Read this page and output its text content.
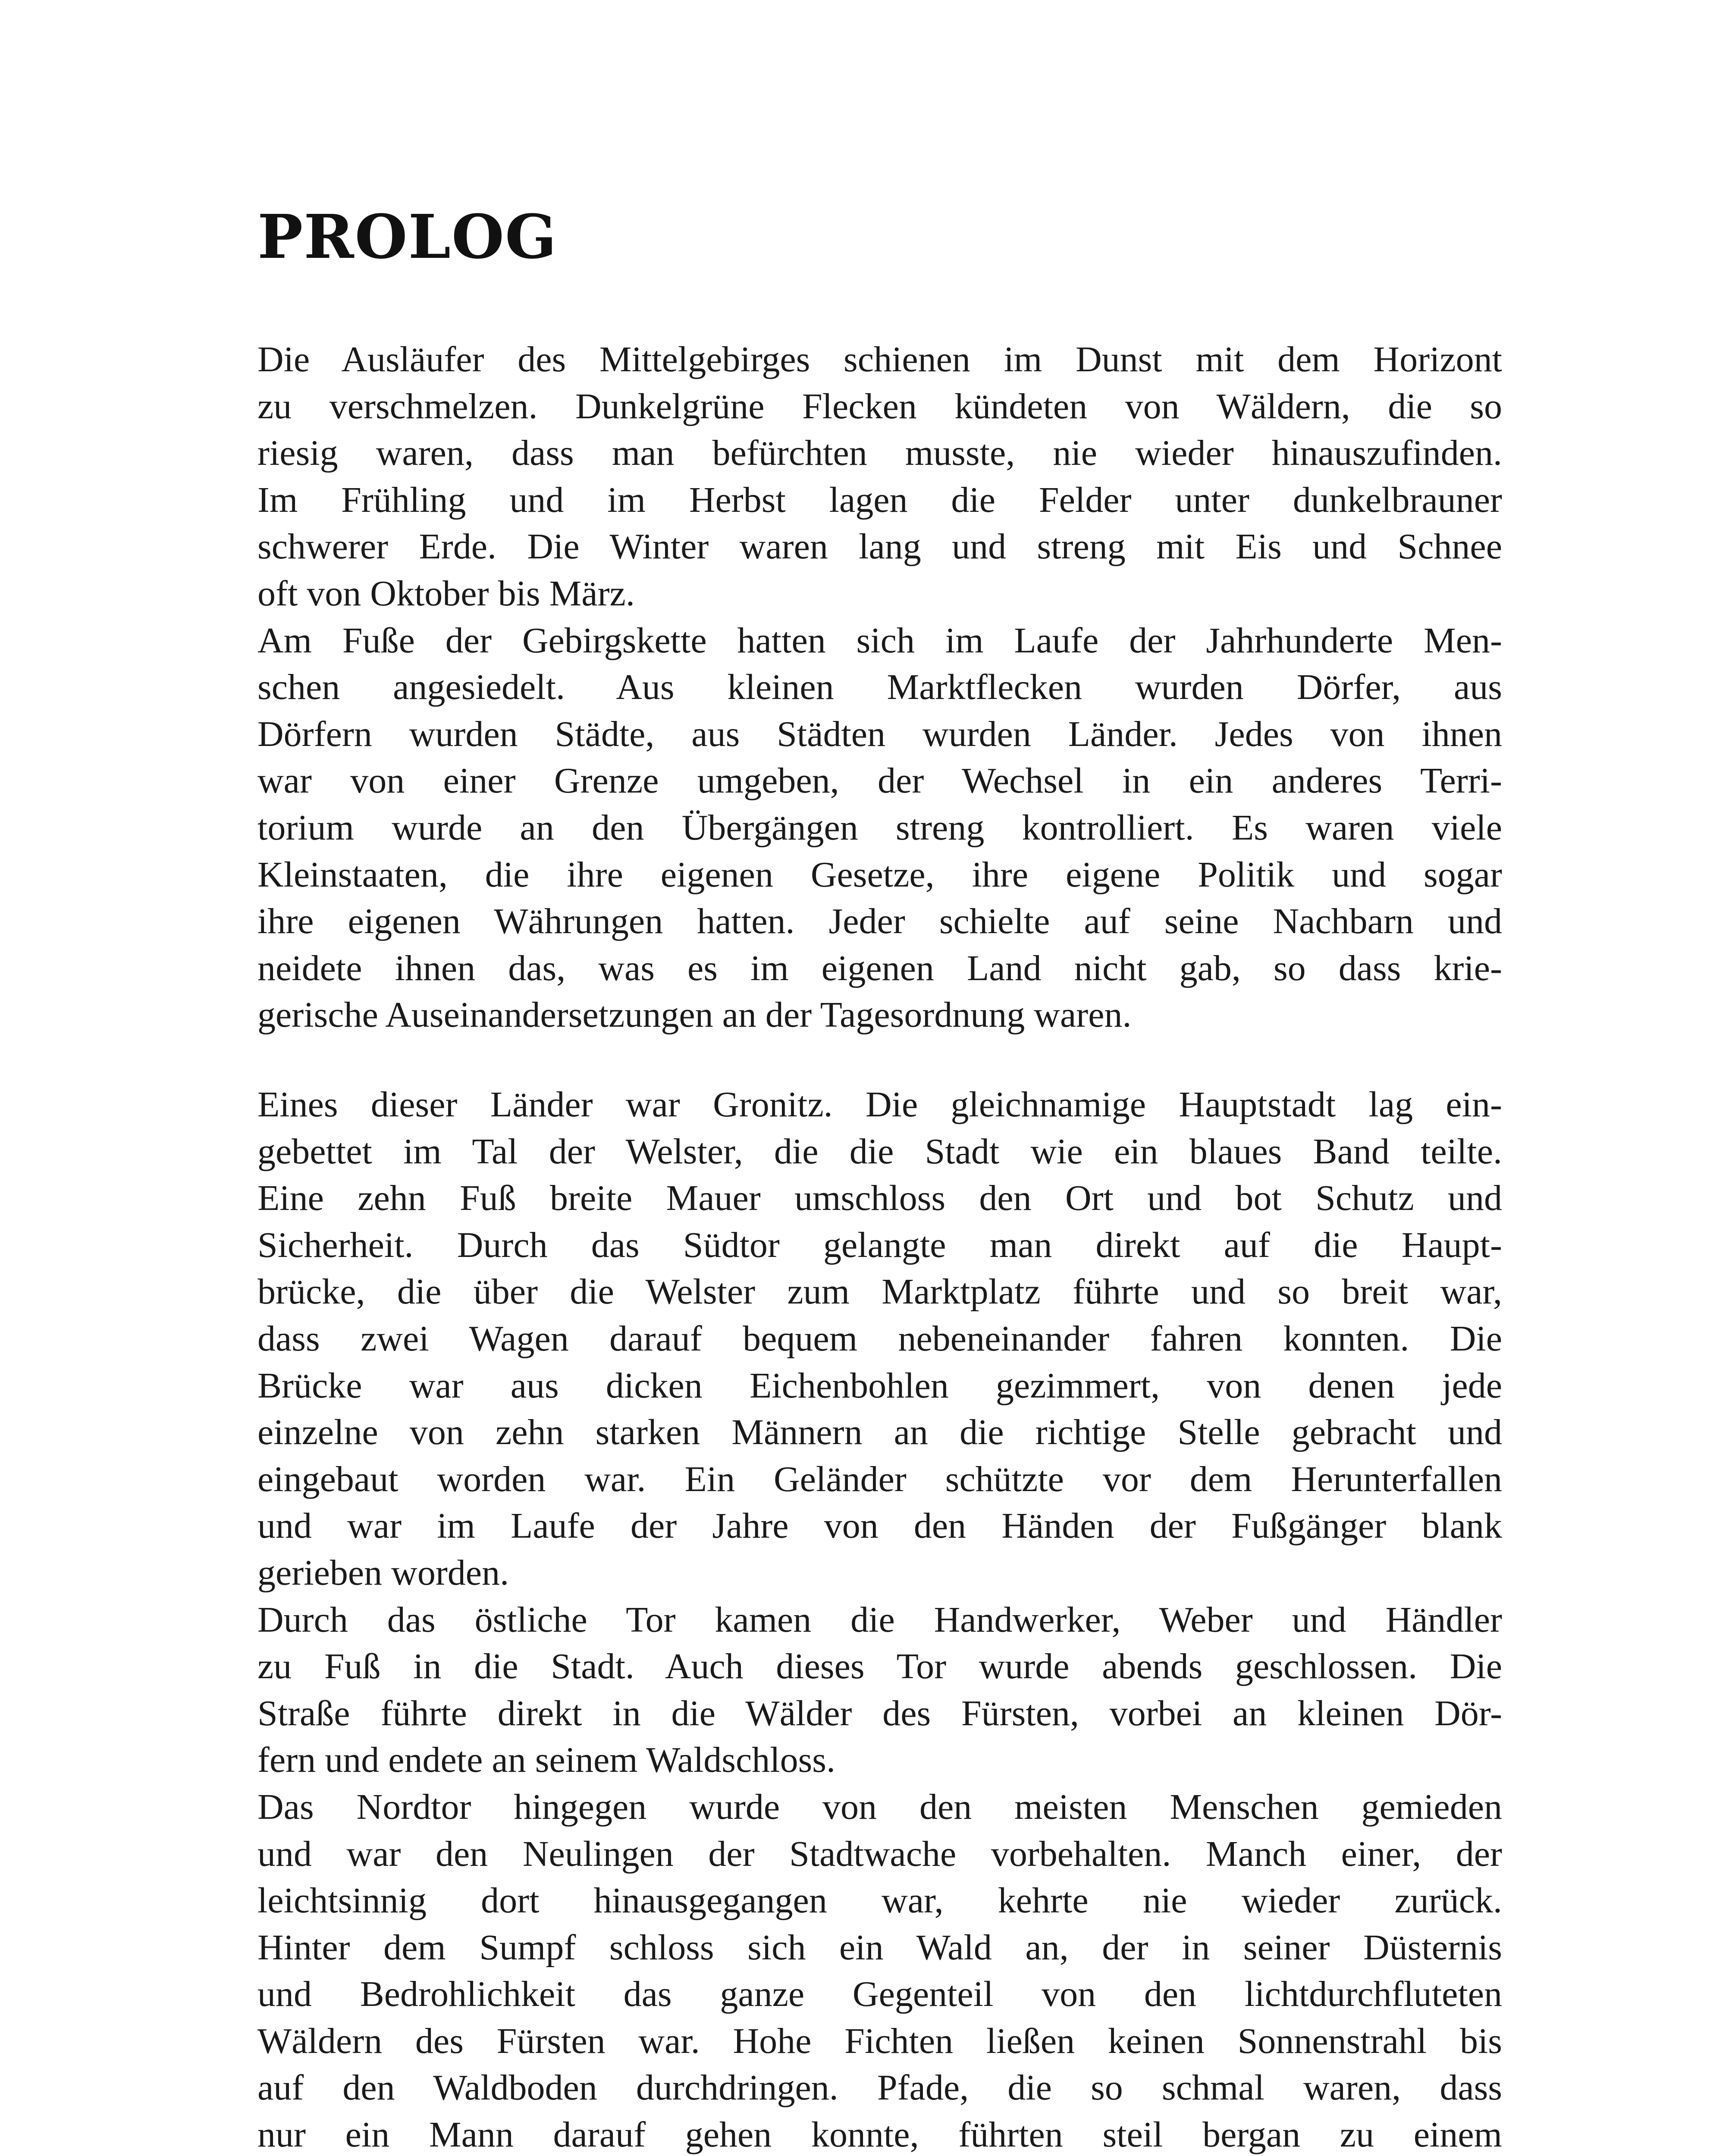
PROLOG
Die Ausläufer des Mittelgebirges schienen im Dunst mit dem Horizont
zu verschmelzen. Dunkelgrüne Flecken kündeten von Wäldern, die so
riesig waren, dass man befürchten musste, nie wieder hinauszufinden.
Im Frühling und im Herbst lagen die Felder unter dunkelbrauner
schwerer Erde. Die Winter waren lang und streng mit Eis und Schnee
oft von Oktober bis März.
Am Fuße der Gebirgskette hatten sich im Laufe der Jahrhunderte Men-
schen angesiedelt. Aus kleinen Marktflecken wurden Dörfer, aus
Dörfern wurden Städte, aus Städten wurden Länder. Jedes von ihnen
war von einer Grenze umgeben, der Wechsel in ein anderes Terri-
torium wurde an den Übergängen streng kontrolliert. Es waren viele
Kleinstaaten, die ihre eigenen Gesetze, ihre eigene Politik und sogar
ihre eigenen Währungen hatten. Jeder schielte auf seine Nachbarn und
neidete ihnen das, was es im eigenen Land nicht gab, so dass krie-
gerische Auseinandersetzungen an der Tagesordnung waren.
Eines dieser Länder war Gronitz. Die gleichnamige Hauptstadt lag ein-
gebettet im Tal der Welster, die die Stadt wie ein blaues Band teilte.
Eine zehn Fuß breite Mauer umschloss den Ort und bot Schutz und
Sicherheit. Durch das Südtor gelangte man direkt auf die Haupt-
brücke, die über die Welster zum Marktplatz führte und so breit war,
dass zwei Wagen darauf bequem nebeneinander fahren konnten. Die
Brücke war aus dicken Eichenbohlen gezimmert, von denen jede
einzelne von zehn starken Männern an die richtige Stelle gebracht und
eingebaut worden war. Ein Geländer schützte vor dem Herunterfallen
und war im Laufe der Jahre von den Händen der Fußgänger blank
gerieben worden.
Durch das östliche Tor kamen die Handwerker, Weber und Händler
zu Fuß in die Stadt. Auch dieses Tor wurde abends geschlossen. Die
Straße führte direkt in die Wälder des Fürsten, vorbei an kleinen Dör-
fern und endete an seinem Waldschloss.
Das Nordtor hingegen wurde von den meisten Menschen gemieden
und war den Neulingen der Stadtwache vorbehalten. Manch einer, der
leichtsinnig dort hinausgegangen war, kehrte nie wieder zurück.
Hinter dem Sumpf schloss sich ein Wald an, der in seiner Düsternis
und Bedrohlichkeit das ganze Gegenteil von den lichtdurchfluteten
Wäldern des Fürsten war. Hohe Fichten ließen keinen Sonnenstrahl bis
auf den Waldboden durchdringen. Pfade, die so schmal waren, dass
nur ein Mann darauf gehen konnte, führten steil bergan zu einem
